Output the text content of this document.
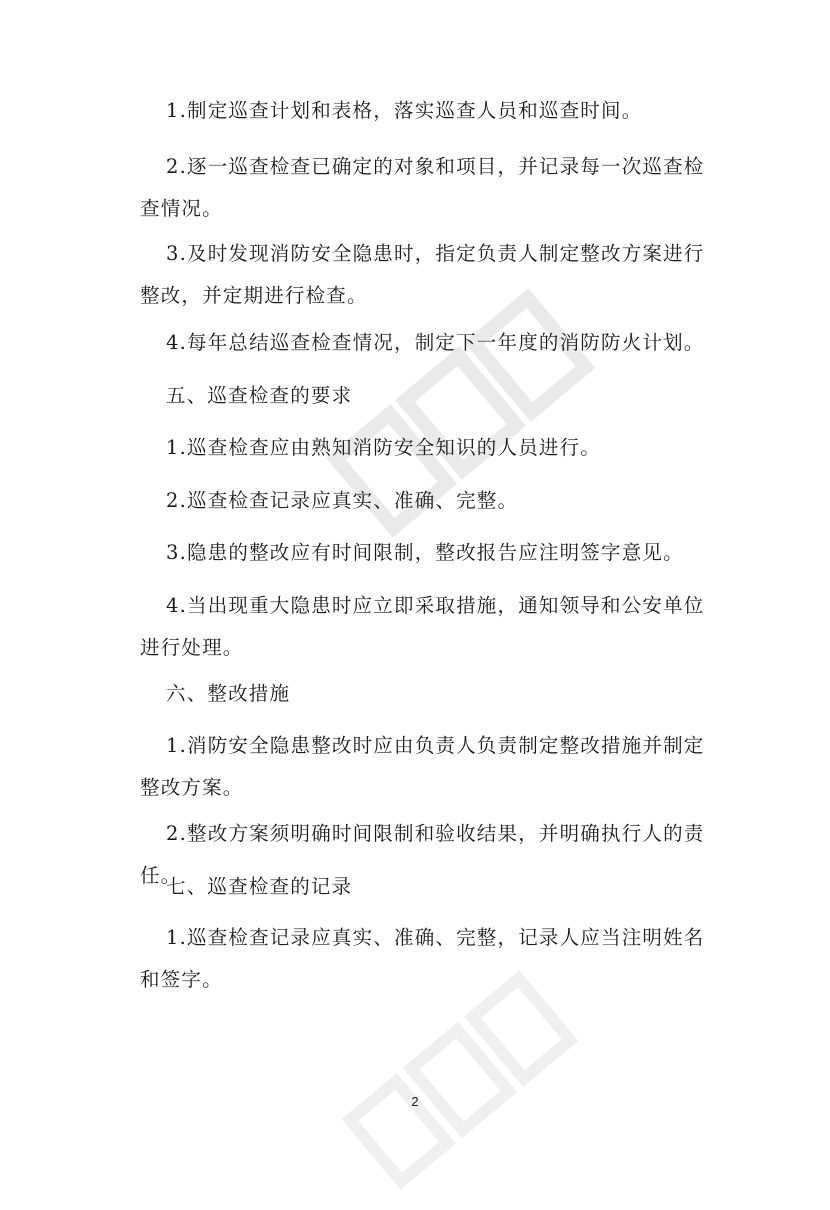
1.制定巡查计划和表格，落实巡查人员和巡查时间。

2.逐一巡查检查已确定的对象和项目，并记录每一次巡查检查情况。

3.及时发现消防安全隐患时，指定负责人制定整改方案进行整改，并定期进行检查。

4.每年总结巡查检查情况，制定下一年度的消防防火计划。

五、巡查检查的要求

1.巡查检查应由熟知消防安全知识的人员进行。

2.巡查检查记录应真实、准确、完整。

3.隐患的整改应有时间限制，整改报告应注明签字意见。

4.当出现重大隐患时应立即采取措施，通知领导和公安单位进行处理。

六、整改措施

1.消防安全隐患整改时应由负责人负责制定整改措施并制定整改方案。

2.整改方案须明确时间限制和验收结果，并明确执行人的责任。

七、巡查检查的记录

1.巡查检查记录应真实、准确、完整，记录人应当注明姓名和签字。

2
